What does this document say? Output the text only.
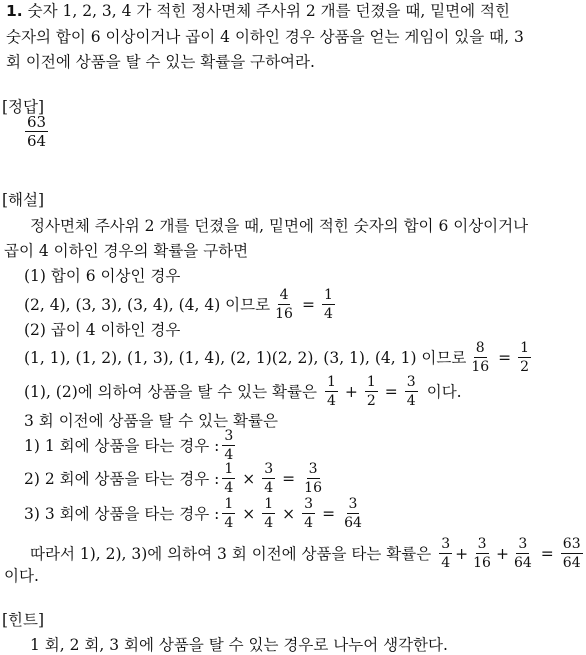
1. 숫자 1, 2, 3, 4 가 적힌 정사면체 주사위 2 개를 던졌을 때, 밑면에 적힌
숫자의 합이 6 이상이거나 곱이 4 이하인 경우 상품을 얻는 게임이 있을 때, 3
회 이전에 상품을 탈 수 있는 확률을 구하여라.
[정답]
$\frac{63}{64}$
[해설]
정사면체 주사위 2 개를 던졌을 때, 밑면에 적힌 숫자의 합이 6 이상이거나
곱이 4 이하인 경우의 확률을 구하면
(1) 합이 6 이상인 경우
(2, 4), (3, 3), (3, 4), (4, 4) 이므로 $\frac{4}{16} = \frac{1}{4}$
(2) 곱이 4 이하인 경우
(1, 1), (1, 2), (1, 3), (1, 4), (2, 1)(2, 2), (3, 1), (4, 1) 이므로 $\frac{8}{16} = \frac{1}{2}$
(1), (2)에 의하여 상품을 탈 수 있는 확률은 $\frac{1}{4} + \frac{1}{2} = \frac{3}{4}$ 이다.
3 회 이전에 상품을 탈 수 있는 확률은
1) 1 회에 상품을 타는 경우 : $\frac{3}{4}$
2) 2 회에 상품을 타는 경우 : $\frac{1}{4} \times \frac{3}{4} = \frac{3}{16}$
3) 3 회에 상품을 타는 경우 : $\frac{1}{4} \times \frac{1}{4} \times \frac{3}{4} = \frac{3}{64}$
따라서 1), 2), 3)에 의하여 3 회 이전에 상품을 타는 확률은 $\frac{3}{4} + \frac{3}{16} + \frac{3}{64} = \frac{63}{64}$
이다.
[힌트]
1 회, 2 회, 3 회에 상품을 탈 수 있는 경우로 나누어 생각한다.
